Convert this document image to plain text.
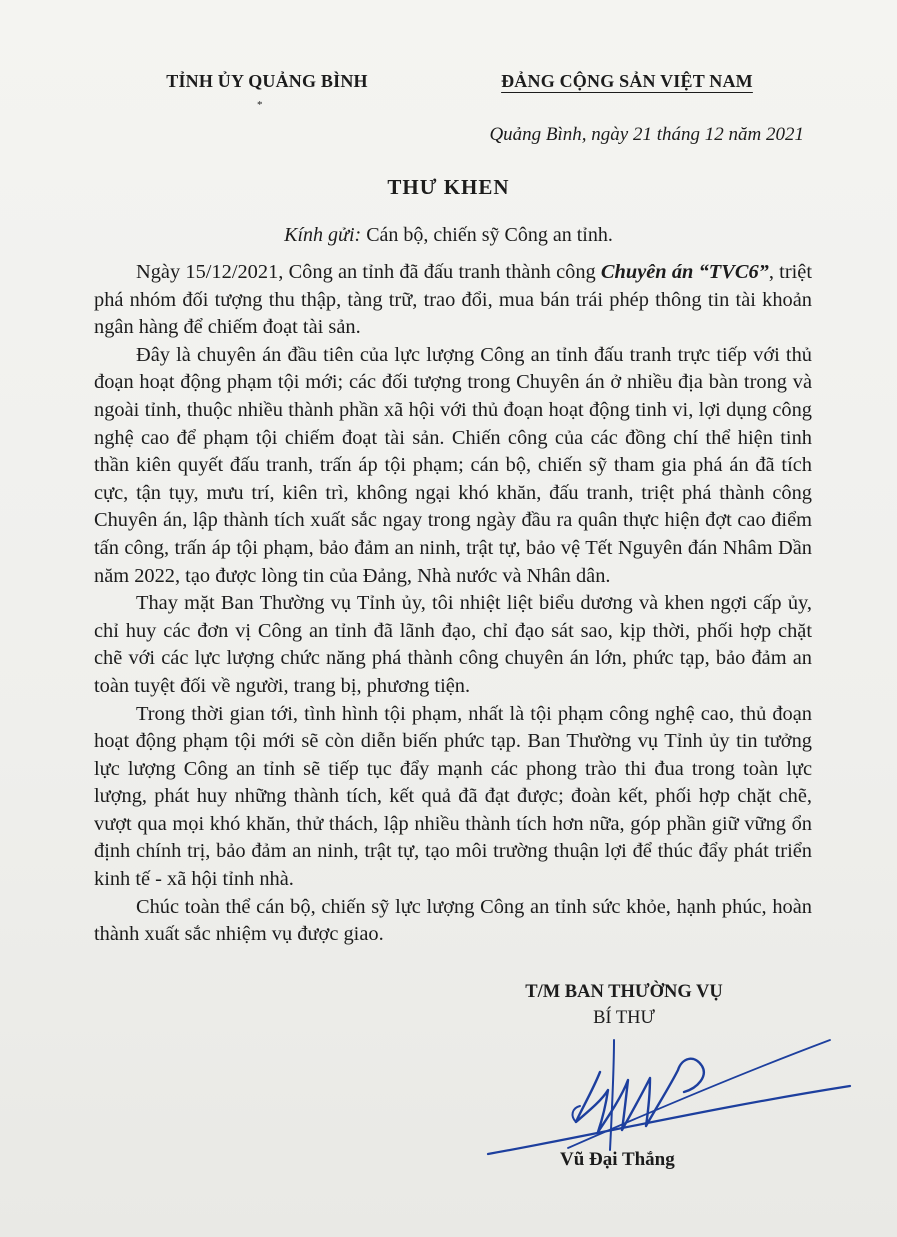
TỈNH ỦY QUẢNG BÌNH
*
ĐẢNG CỘNG SẢN VIỆT NAM
Quảng Bình, ngày 21 tháng 12 năm 2021
THƯ KHEN
Kính gửi: Cán bộ, chiến sỹ Công an tỉnh.

Ngày 15/12/2021, Công an tỉnh đã đấu tranh thành công Chuyên án “TVC6”, triệt phá nhóm đối tượng thu thập, tàng trữ, trao đổi, mua bán trái phép thông tin tài khoản ngân hàng để chiếm đoạt tài sản.

Đây là chuyên án đầu tiên của lực lượng Công an tỉnh đấu tranh trực tiếp với thủ đoạn hoạt động phạm tội mới; các đối tượng trong Chuyên án ở nhiều địa bàn trong và ngoài tỉnh, thuộc nhiều thành phần xã hội với thủ đoạn hoạt động tinh vi, lợi dụng công nghệ cao để phạm tội chiếm đoạt tài sản. Chiến công của các đồng chí thể hiện tinh thần kiên quyết đấu tranh, trấn áp tội phạm; cán bộ, chiến sỹ tham gia phá án đã tích cực, tận tụy, mưu trí, kiên trì, không ngại khó khăn, đấu tranh, triệt phá thành công Chuyên án, lập thành tích xuất sắc ngay trong ngày đầu ra quân thực hiện đợt cao điểm tấn công, trấn áp tội phạm, bảo đảm an ninh, trật tự, bảo vệ Tết Nguyên đán Nhâm Dần năm 2022, tạo được lòng tin của Đảng, Nhà nước và Nhân dân.

Thay mặt Ban Thường vụ Tỉnh ủy, tôi nhiệt liệt biểu dương và khen ngợi cấp ủy, chỉ huy các đơn vị Công an tỉnh đã lãnh đạo, chỉ đạo sát sao, kịp thời, phối hợp chặt chẽ với các lực lượng chức năng phá thành công chuyên án lớn, phức tạp, bảo đảm an toàn tuyệt đối về người, trang bị, phương tiện.

Trong thời gian tới, tình hình tội phạm, nhất là tội phạm công nghệ cao, thủ đoạn hoạt động phạm tội mới sẽ còn diễn biến phức tạp. Ban Thường vụ Tỉnh ủy tin tưởng lực lượng Công an tỉnh sẽ tiếp tục đẩy mạnh các phong trào thi đua trong toàn lực lượng, phát huy những thành tích, kết quả đã đạt được; đoàn kết, phối hợp chặt chẽ, vượt qua mọi khó khăn, thử thách, lập nhiều thành tích hơn nữa, góp phần giữ vững ổn định chính trị, bảo đảm an ninh, trật tự, tạo môi trường thuận lợi để thúc đẩy phát triển kinh tế - xã hội tỉnh nhà.

Chúc toàn thể cán bộ, chiến sỹ lực lượng Công an tỉnh sức khỏe, hạnh phúc, hoàn thành xuất sắc nhiệm vụ được giao.

T/M BAN THƯỜNG VỤ
BÍ THƯ
Vũ Đại Thắng
